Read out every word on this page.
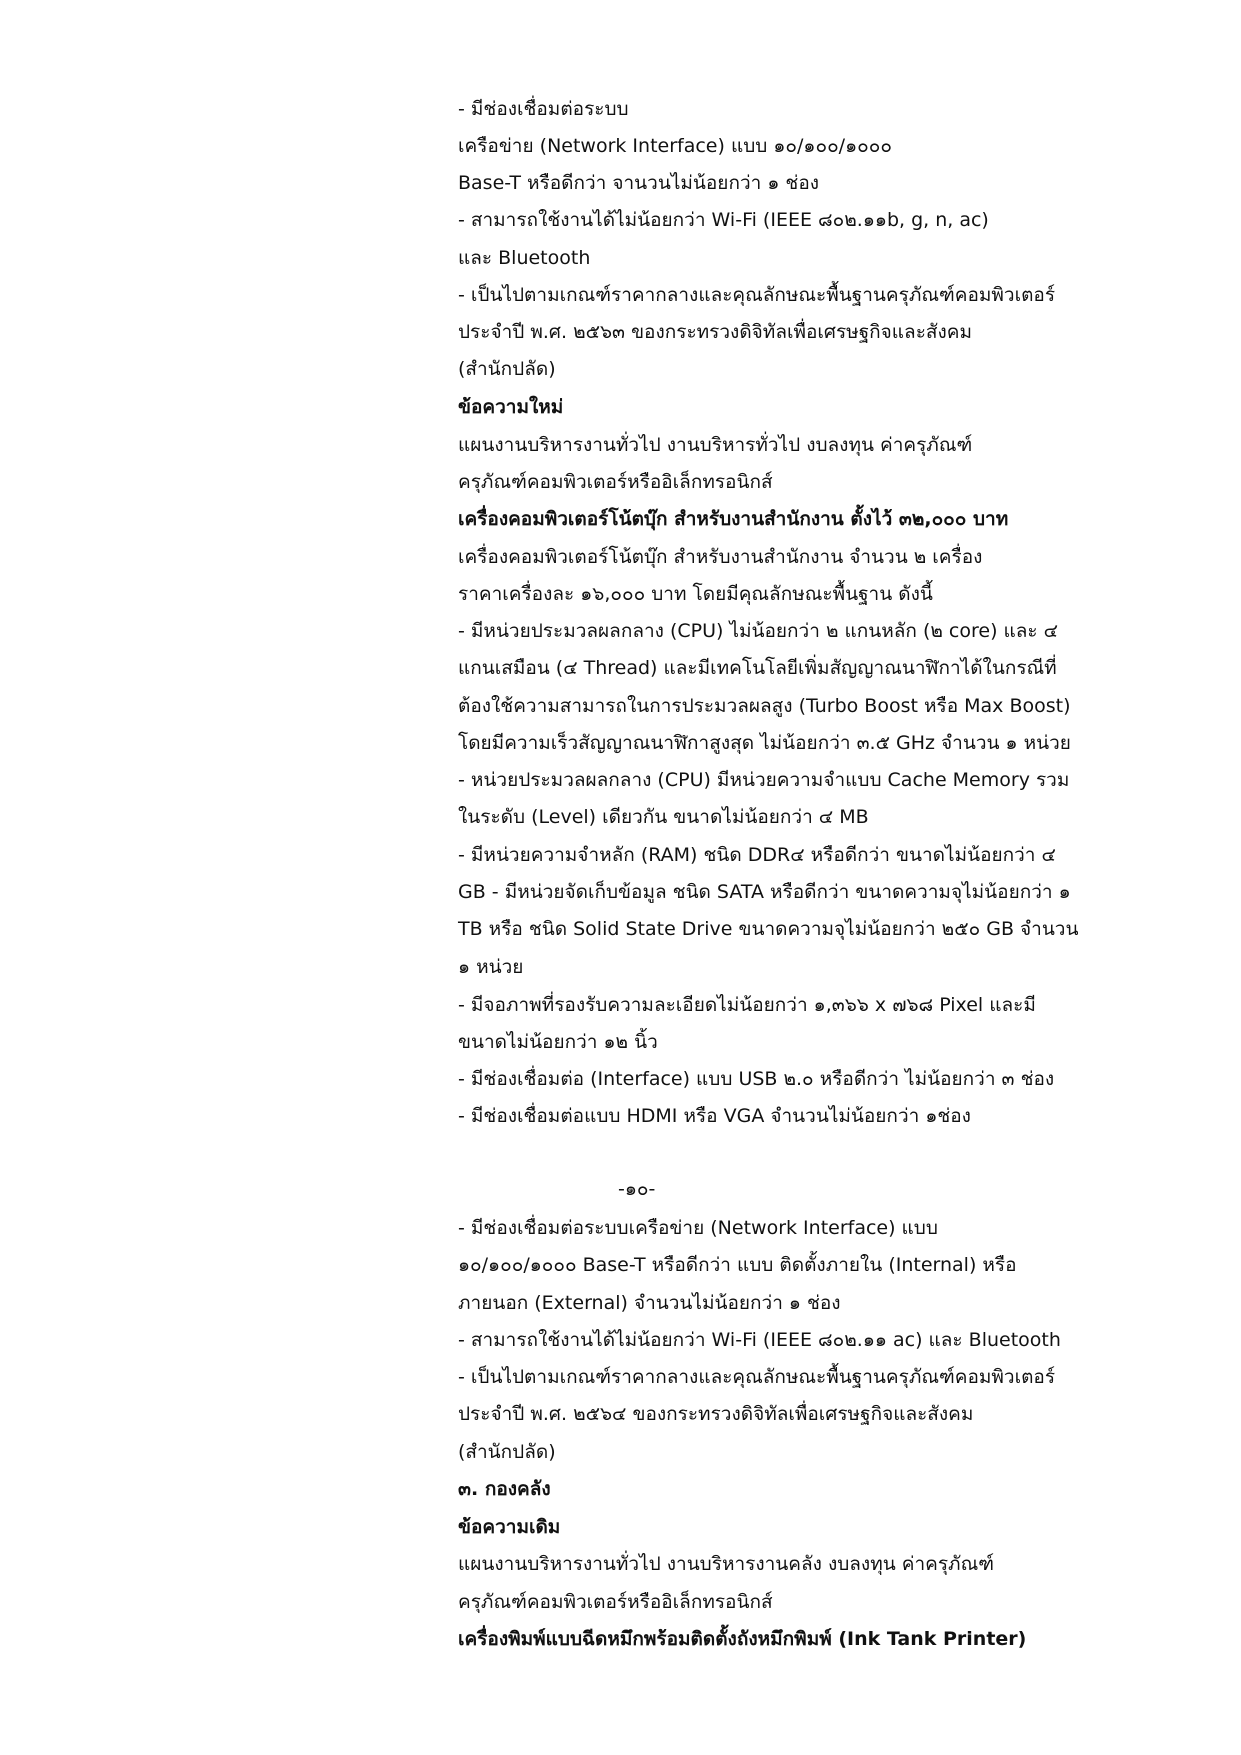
- มีช่องเชื่อมต่อระบบ
เครือข่าย (Network Interface) แบบ ๑๐/๑๐๐/๑๐๐๐
Base-T หรือดีกว่า จานวนไม่น้อยกว่า ๑ ช่อง
- สามารถใช้งานได้ไม่น้อยกว่า Wi-Fi (IEEE ๘๐๒.๑๑b, g, n, ac)
และ Bluetooth
- เป็นไปตามเกณฑ์ราคากลางและคุณลักษณะพื้นฐานครุภัณฑ์คอมพิวเตอร์
ประจำปี พ.ศ. ๒๕๖๓ ของกระทรวงดิจิทัลเพื่อเศรษฐกิจและสังคม
(สำนักปลัด)
ข้อความใหม่
แผนงานบริหารงานทั่วไป งานบริหารทั่วไป งบลงทุน ค่าครุภัณฑ์
ครุภัณฑ์คอมพิวเตอร์หรืออิเล็กทรอนิกส์
เครื่องคอมพิวเตอร์โน้ตบุ๊ก สำหรับงานสำนักงาน ตั้งไว้ ๓๒,๐๐๐ บาท
เครื่องคอมพิวเตอร์โน้ตบุ๊ก สำหรับงานสำนักงาน จำนวน ๒ เครื่อง
ราคาเครื่องละ ๑๖,๐๐๐ บาท โดยมีคุณลักษณะพื้นฐาน ดังนี้
- มีหน่วยประมวลผลกลาง (CPU) ไม่น้อยกว่า ๒ แกนหลัก (๒ core) และ ๔
แกนเสมือน (๔ Thread) และมีเทคโนโลยีเพิ่มสัญญาณนาฬิกาได้ในกรณีที่
ต้องใช้ความสามารถในการประมวลผลสูง (Turbo Boost หรือ Max Boost)
โดยมีความเร็วสัญญาณนาฬิกาสูงสุด ไม่น้อยกว่า ๓.๕ GHz จำนวน ๑ หน่วย
- หน่วยประมวลผลกลาง (CPU) มีหน่วยความจำแบบ Cache Memory รวม
ในระดับ (Level) เดียวกัน ขนาดไม่น้อยกว่า ๔ MB
- มีหน่วยความจำหลัก (RAM) ชนิด DDR๔ หรือดีกว่า ขนาดไม่น้อยกว่า ๔
GB - มีหน่วยจัดเก็บข้อมูล ชนิด SATA หรือดีกว่า ขนาดความจุไม่น้อยกว่า ๑
TB หรือ ชนิด Solid State Drive ขนาดความจุไม่น้อยกว่า ๒๕๐ GB จำนวน
๑ หน่วย
- มีจอภาพที่รองรับความละเอียดไม่น้อยกว่า ๑,๓๖๖ x ๗๖๘ Pixel และมี
ขนาดไม่น้อยกว่า ๑๒ นิ้ว
- มีช่องเชื่อมต่อ (Interface) แบบ USB ๒.๐ หรือดีกว่า ไม่น้อยกว่า ๓ ช่อง
- มีช่องเชื่อมต่อแบบ HDMI หรือ VGA จำนวนไม่น้อยกว่า ๑ช่อง
-๑๐-
- มีช่องเชื่อมต่อระบบเครือข่าย (Network Interface) แบบ
๑๐/๑๐๐/๑๐๐๐ Base-T หรือดีกว่า แบบ ติดตั้งภายใน (Internal) หรือ
ภายนอก (External) จำนวนไม่น้อยกว่า ๑ ช่อง
- สามารถใช้งานได้ไม่น้อยกว่า Wi-Fi (IEEE ๘๐๒.๑๑ ac) และ Bluetooth
- เป็นไปตามเกณฑ์ราคากลางและคุณลักษณะพื้นฐานครุภัณฑ์คอมพิวเตอร์
ประจำปี พ.ศ. ๒๕๖๔ ของกระทรวงดิจิทัลเพื่อเศรษฐกิจและสังคม
(สำนักปลัด)
๓. กองคลัง
ข้อความเดิม
แผนงานบริหารงานทั่วไป งานบริหารงานคลัง งบลงทุน ค่าครุภัณฑ์
ครุภัณฑ์คอมพิวเตอร์หรืออิเล็กทรอนิกส์
เครื่องพิมพ์แบบฉีดหมึกพร้อมติดตั้งถังหมึกพิมพ์ (Ink Tank Printer)
